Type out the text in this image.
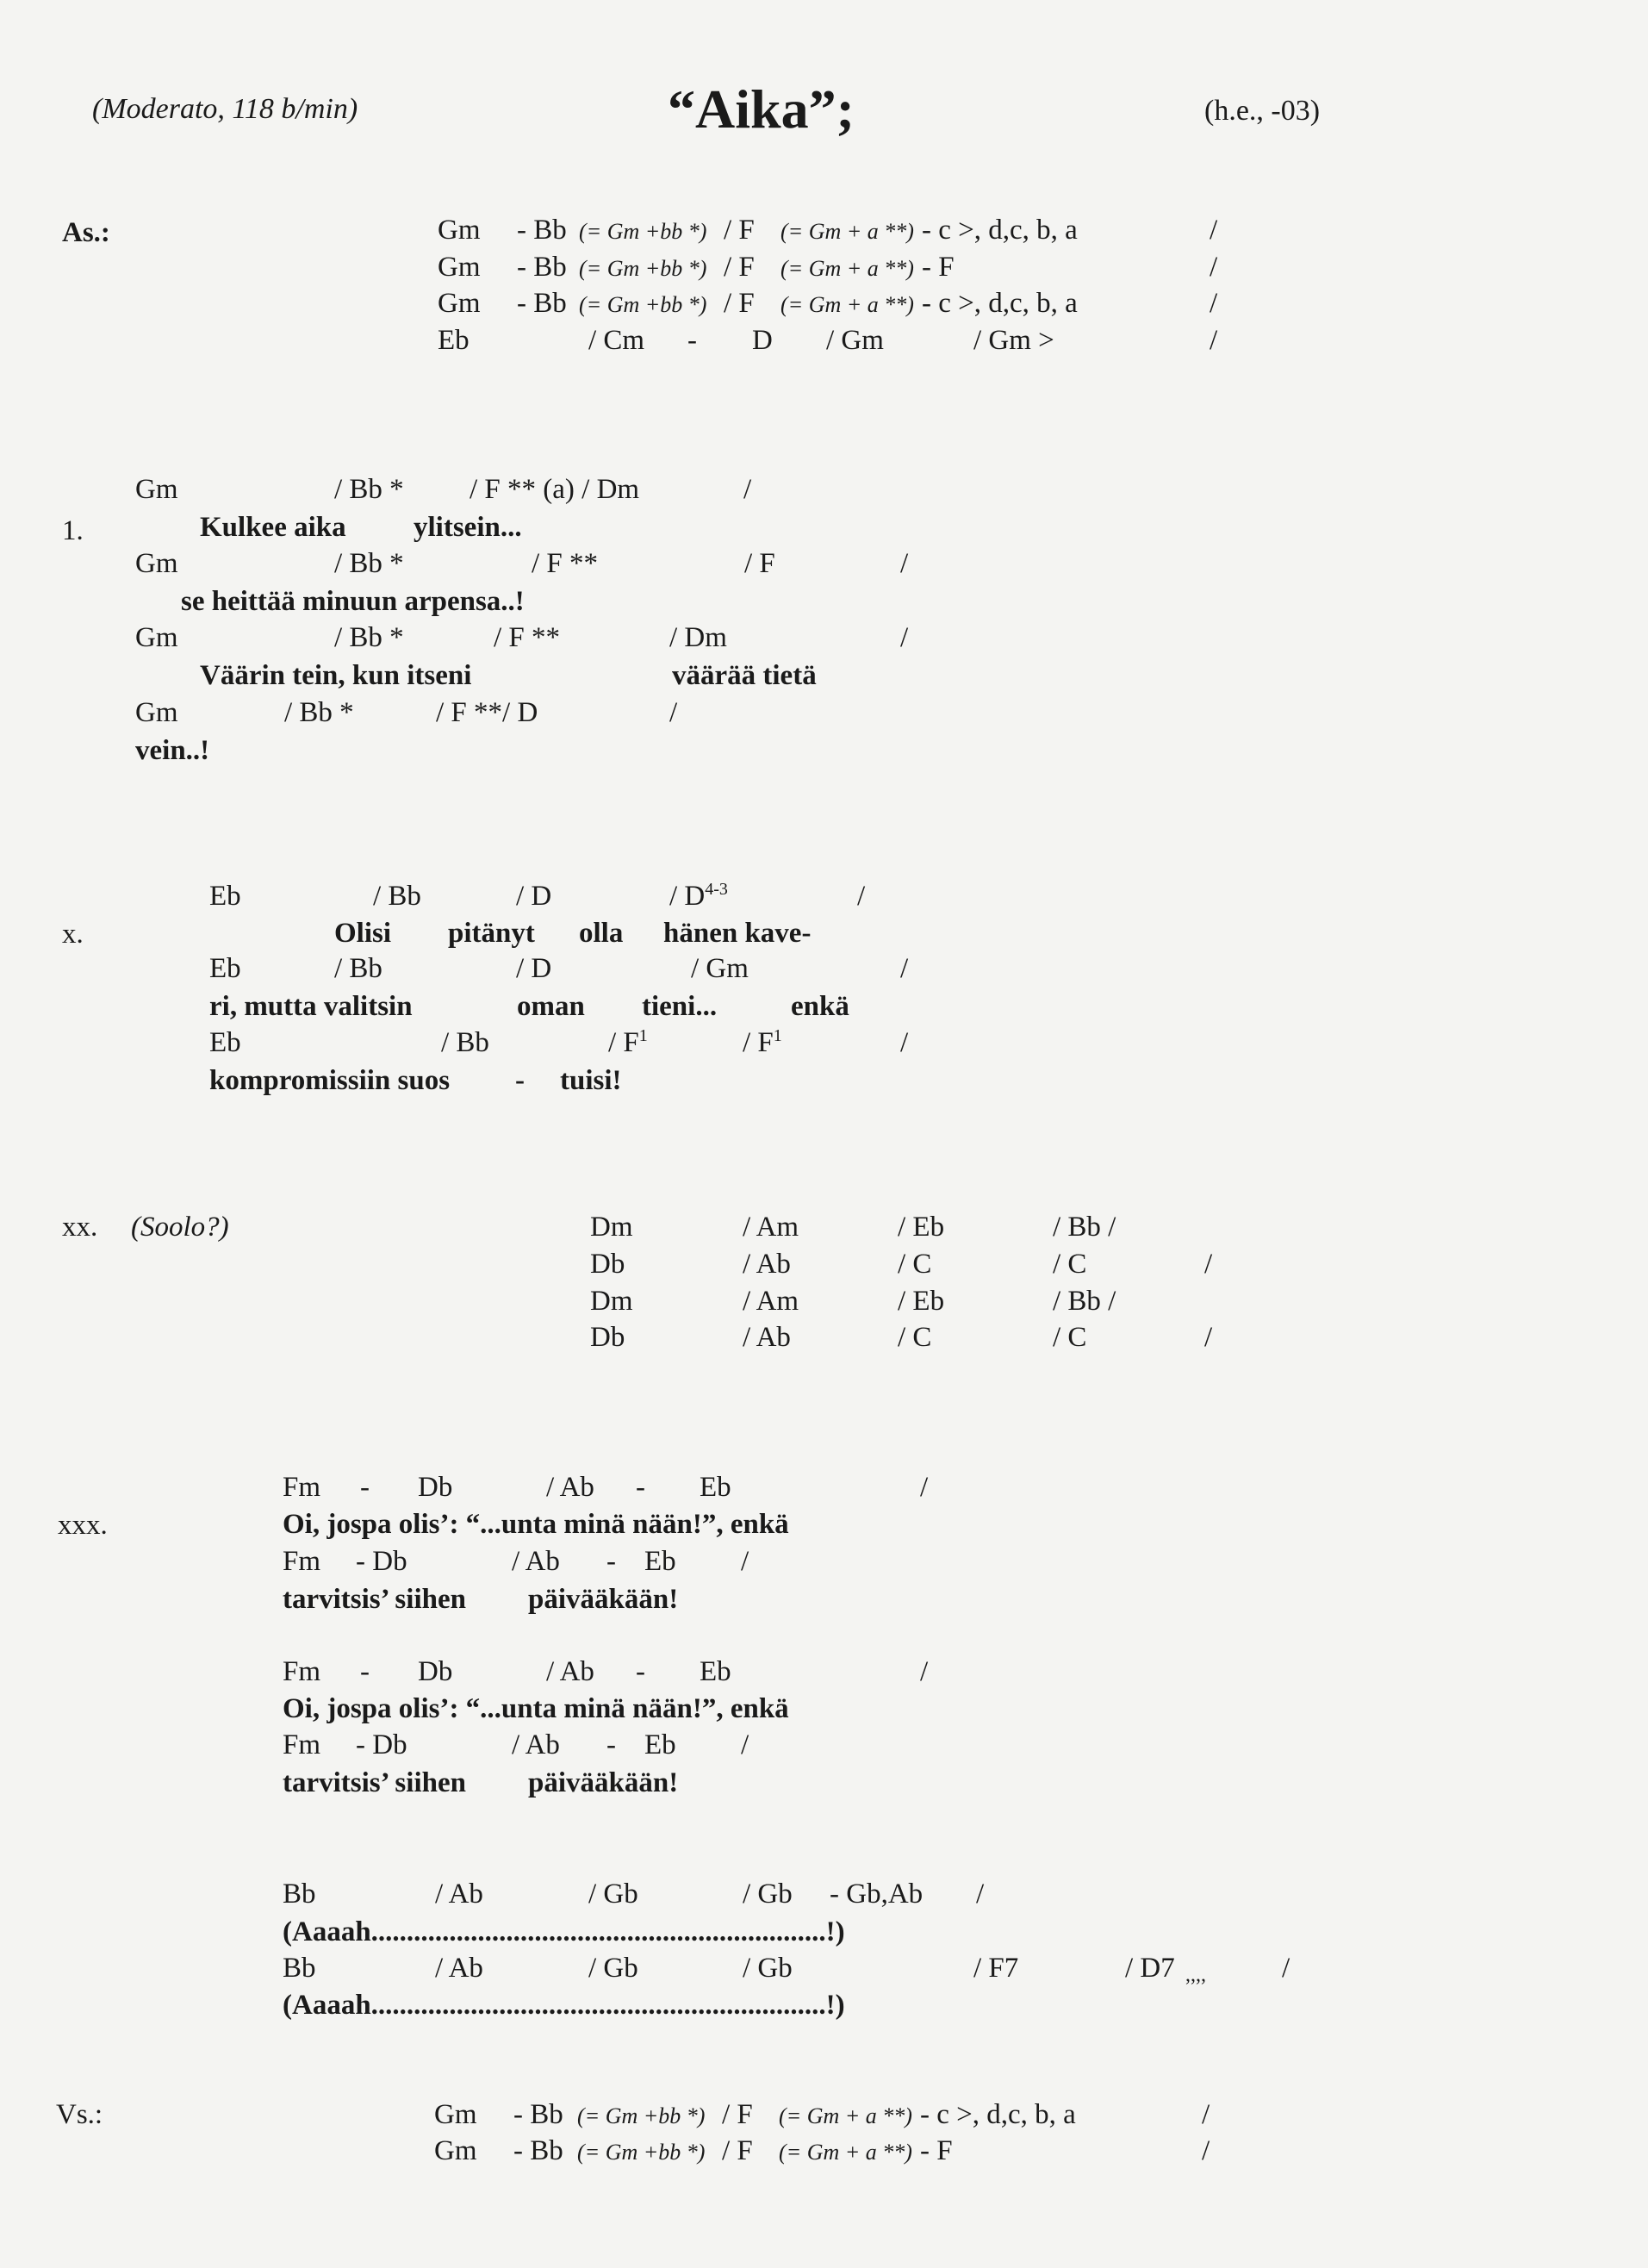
(Moderato, 118 b/min)	“Aika”;	(h.e., -03)
As.:	Gm - Bb (= Gm +bb *) / F (= Gm + a **) - c >, d,c, b, a	/
Gm - Bb (= Gm +bb *) / F (= Gm + a **) - F	/
Gm - Bb (= Gm +bb *) / F (= Gm + a **) - c >, d,c, b, a	/
Eb	/ Cm - D / Gm	/ Gm >	/
1.
Gm	/ Bb * / F ** (a) / Dm	/
Kulkee aika ylitsein...
Gm	/ Bb *	/ F **	/ F	/
se heittää minuun arpensa..!
Gm	/ Bb *	/ F **	/ Dm	/
Väärin tein, kun itseni	väärää tietä
Gm	/ Bb *	/ F **/ D	/
vein..!
x.
Eb	/ Bb	/ D	/ $D^{4-3}$	/
Olisi pitänyt olla hänen kave-
Eb	/ Bb	/ D	/ Gm	/
ri, mutta valitsin	oman tieni...	enkä
Eb	/ Bb	/ $F^1$	/ $F^1$	/
kompromissiin suos - tuisi!
xx. (Soolo?)	Dm	/ Am	/ Eb	/ Bb /
Db	/ Ab	/ C	/ C	/
Dm	/ Am	/ Eb	/ Bb /
Db	/ Ab	/ C	/ C	/
xxx.
Fm - Db	/ Ab - Eb	/
Oi, jospa olis’: “...unta minä nään!”, enkä
Fm - Db	/ Ab - Eb /
tarvitsis’ siihen päivääkään!
Fm - Db	/ Ab - Eb	/
Oi, jospa olis’: “...unta minä nään!”, enkä
Fm - Db	/ Ab - Eb /
tarvitsis’ siihen päivääkään!
Bb	/ Ab	/ Gb	/ Gb - Gb,Ab /
(Aaaah................................................................!)
Bb	/ Ab	/ Gb	/ Gb	/ F7	/ D7 ,,,,	/
(Aaaah................................................................!)
Vs.:	Gm - Bb (= Gm +bb *) / F (= Gm + a **) - c >, d,c, b, a	/
Gm - Bb (= Gm +bb *) / F (= Gm + a **) - F	/
